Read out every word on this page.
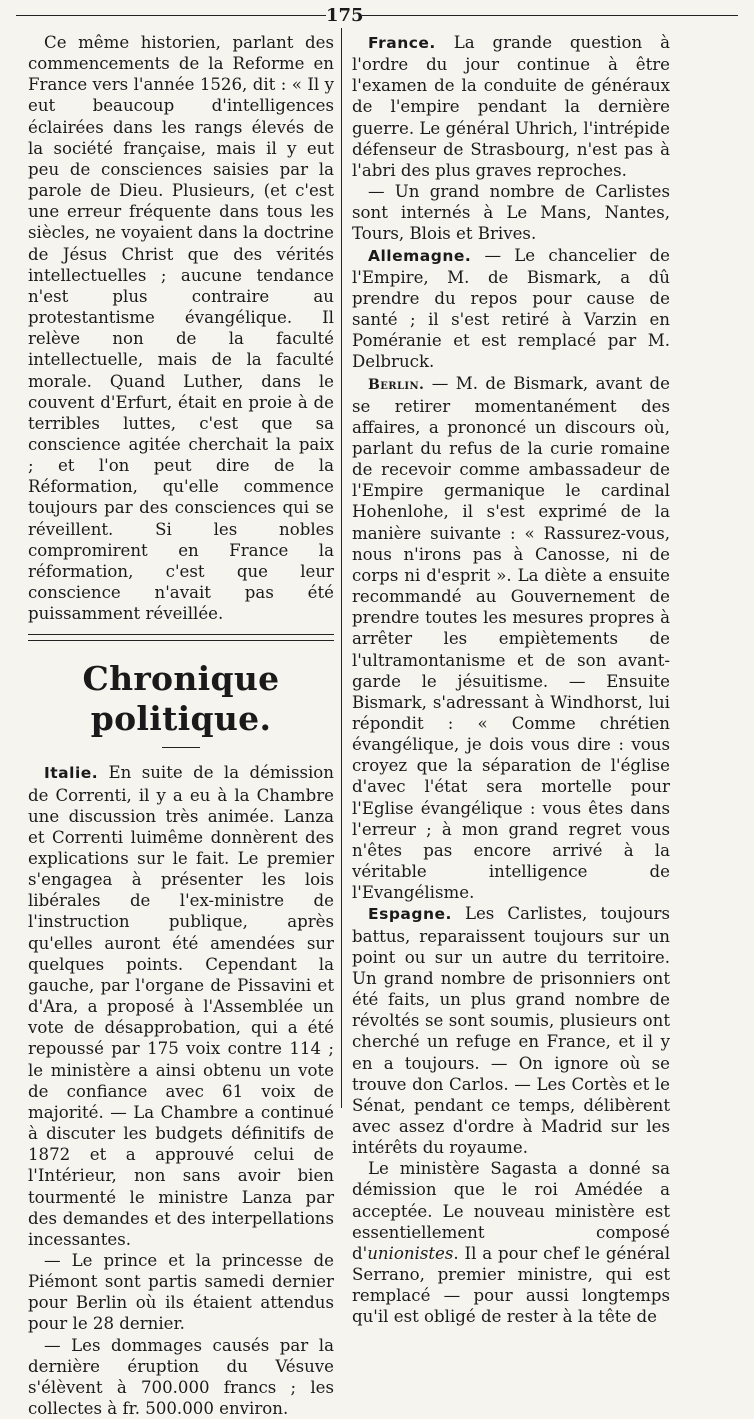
175

Ce même historien, parlant des commencements de la Reforme en France vers l'année 1526, dit : « Il y eut beaucoup d'intelligences éclairées dans les rangs élevés de la société française, mais il y eut peu de consciences saisies par la parole de Dieu. Plusieurs, (et c'est une erreur fréquente dans tous les siècles, ne voyaient dans la doctrine de Jésus Christ que des vérités intellectuelles ; aucune tendance n'est plus contraire au protestantisme évangélique. Il relève non de la faculté intellectuelle, mais de la faculté morale. Quand Luther, dans le couvent d'Erfurt, était en proie à de terribles luttes, c'est que sa conscience agitée cherchait la paix ; et l'on peut dire de la Réformation, qu'elle commence toujours par des consciences qui se réveillent. Si les nobles compromirent en France la réformation, c'est que leur conscience n'avait pas été puissamment réveillée.

Chronique politique.

Italie. En suite de la démission de Correnti, il y a eu à la Chambre une discussion très animée. Lanza et Correnti luimême donnèrent des explications sur le fait. Le premier s'engagea à présenter les lois libérales de l'ex-ministre de l'instruction publique, après qu'elles auront été amendées sur quelques points. Cependant la gauche, par l'organe de Pissavini et d'Ara, a proposé à l'Assemblée un vote de désapprobation, qui a été repoussé par 175 voix contre 114 ; le ministère a ainsi obtenu un vote de confiance avec 61 voix de majorité. — La Chambre a continué à discuter les budgets définitifs de 1872 et a approuvé celui de l'Intérieur, non sans avoir bien tourmenté le ministre Lanza par des demandes et des interpellations incessantes.

— Le prince et la princesse de Piémont sont partis samedi dernier pour Berlin où ils étaient attendus pour le 28 dernier.

— Les dommages causés par la dernière éruption du Vésuve s'élèvent à 700.000 francs ; les collectes à fr. 500.000 environ.

France. La grande question à l'ordre du jour continue à être l'examen de la conduite de généraux de l'empire pendant la dernière guerre. Le général Uhrich, l'intrépide défenseur de Strasbourg, n'est pas à l'abri des plus graves reproches.

— Un grand nombre de Carlistes sont internés à Le Mans, Nantes, Tours, Blois et Brives.

Allemagne. — Le chancelier de l'Empire, M. de Bismark, a dû prendre du repos pour cause de santé ; il s'est retiré à Varzin en Poméranie et est remplacé par M. Delbruck.

Berlin. — M. de Bismark, avant de se retirer momentanément des affaires, a prononcé un discours où, parlant du refus de la curie romaine de recevoir comme ambassadeur de l'Empire germanique le cardinal Hohenlohe, il s'est exprimé de la manière suivante : « Rassurez-vous, nous n'irons pas à Canosse, ni de corps ni d'esprit ». La diète a ensuite recommandé au Gouvernement de prendre toutes les mesures propres à arrêter les empiètements de l'ultramontanisme et de son avant-garde le jésuitisme. — Ensuite Bismark, s'adressant à Windhorst, lui répondit : « Comme chrétien évangélique, je dois vous dire : vous croyez que la séparation de l'église d'avec l'état sera mortelle pour l'Eglise évangélique : vous êtes dans l'erreur ; à mon grand regret vous n'êtes pas encore arrivé à la véritable intelligence de l'Evangélisme.

Espagne. Les Carlistes, toujours battus, reparaissent toujours sur un point ou sur un autre du territoire. Un grand nombre de prisonniers ont été faits, un plus grand nombre de révoltés se sont soumis, plusieurs ont cherché un refuge en France, et il y en a toujours. — On ignore où se trouve don Carlos. — Les Cortès et le Sénat, pendant ce temps, délibèrent avec assez d'ordre à Madrid sur les intérêts du royaume.

Le ministère Sagasta a donné sa démission que le roi Amédée a acceptée. Le nouveau ministère est essentiellement composé d'unionistes. Il a pour chef le général Serrano, premier ministre, qui est remplacé — pour aussi longtemps qu'il est obligé de rester à la tête de
